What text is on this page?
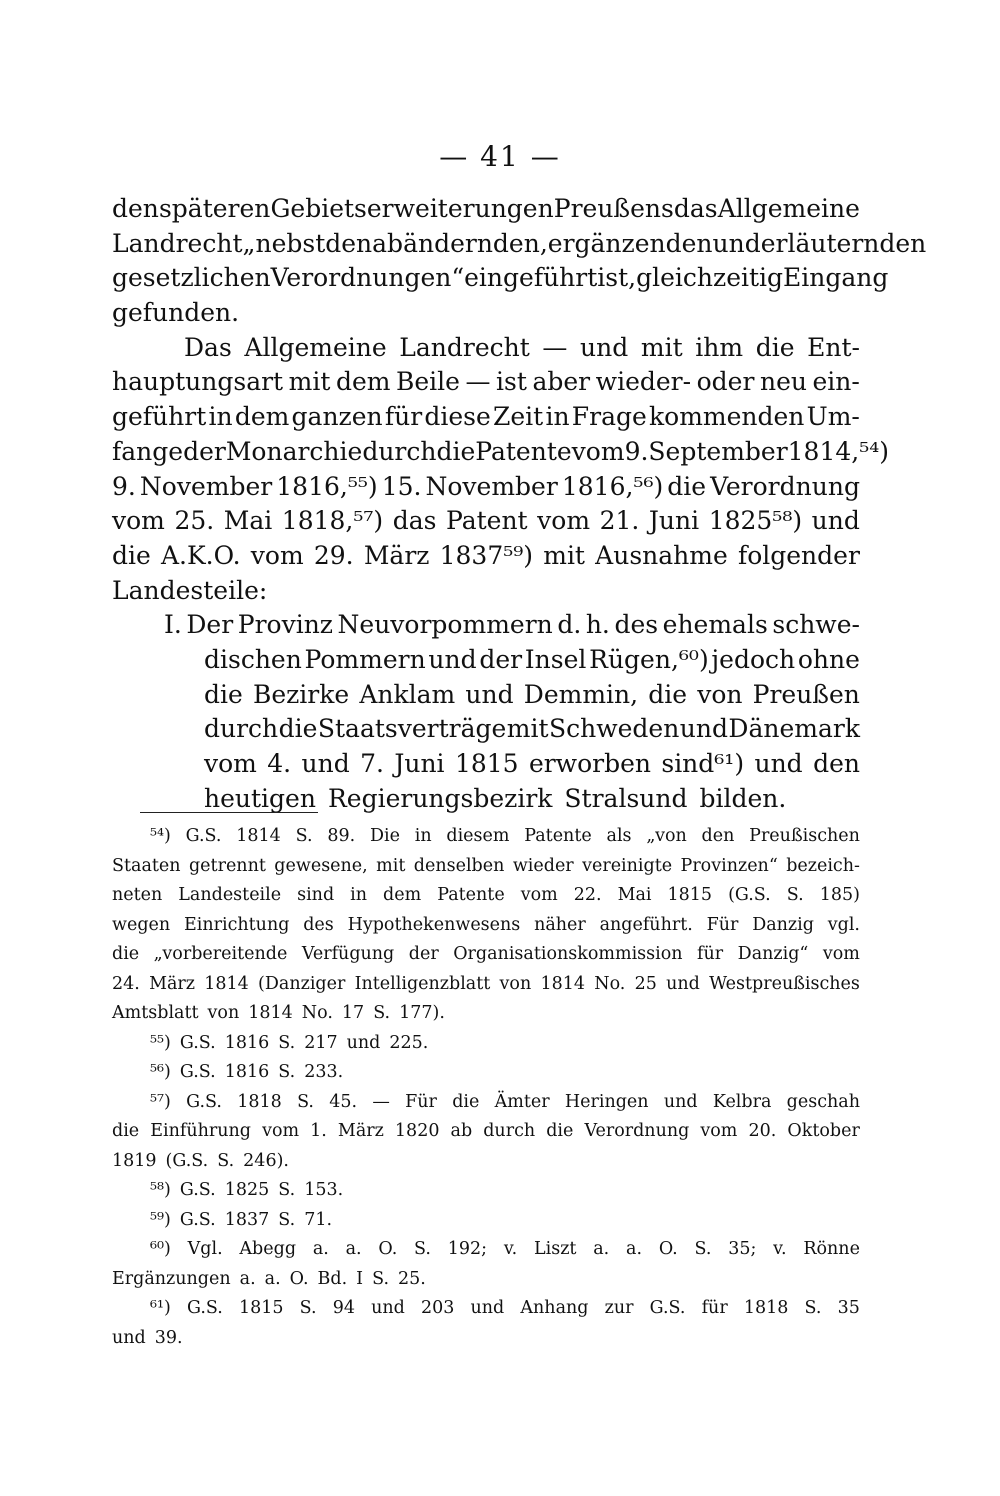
— 41 —
den späteren Gebietserweiterungen Preußens das Allgemeine
Landrecht „nebst den abändernden, ergänzenden und erläuternden
gesetzlichen Verordnungen“ eingeführt ist, gleichzeitig Eingang
gefunden.
Das Allgemeine Landrecht — und mit ihm die Ent-
hauptungsart mit dem Beile — ist aber wieder- oder neu ein-
geführt in dem ganzen für diese Zeit in Frage kommenden Um-
fange der Monarchie durch die Patente vom 9. September 1814,⁵⁴)
9. November 1816,⁵⁵) 15. November 1816,⁵⁶) die Verordnung
vom 25. Mai 1818,⁵⁷) das Patent vom 21. Juni 1825⁵⁸) und
die A.K.O. vom 29. März 1837⁵⁹) mit Ausnahme folgender
Landesteile:
I. Der Provinz Neuvorpommern d. h. des ehemals schwe-
dischen Pommern und der Insel Rügen,⁶⁰) jedoch ohne
die Bezirke Anklam und Demmin, die von Preußen
durch die Staatsverträge mit Schweden und Dänemark
vom 4. und 7. Juni 1815 erworben sind⁶¹) und den
heutigen Regierungsbezirk Stralsund bilden.
⁵⁴) G.S. 1814 S. 89. Die in diesem Patente als „von den Preußischen
Staaten getrennt gewesene, mit denselben wieder vereinigte Provinzen“ bezeich-
neten Landesteile sind in dem Patente vom 22. Mai 1815 (G.S. S. 185)
wegen Einrichtung des Hypothekenwesens näher angeführt. Für Danzig vgl.
die „vorbereitende Verfügung der Organisationskommission für Danzig“ vom
24. März 1814 (Danziger Intelligenzblatt von 1814 No. 25 und Westpreußisches
Amtsblatt von 1814 No. 17 S. 177).
⁵⁵) G.S. 1816 S. 217 und 225.
⁵⁶) G.S. 1816 S. 233.
⁵⁷) G.S. 1818 S. 45. — Für die Ämter Heringen und Kelbra geschah
die Einführung vom 1. März 1820 ab durch die Verordnung vom 20. Oktober
1819 (G.S. S. 246).
⁵⁸) G.S. 1825 S. 153.
⁵⁹) G.S. 1837 S. 71.
⁶⁰) Vgl. Abegg a. a. O. S. 192; v. Liszt a. a. O. S. 35; v. Rönne
Ergänzungen a. a. O. Bd. I S. 25.
⁶¹) G.S. 1815 S. 94 und 203 und Anhang zur G.S. für 1818 S. 35
und 39.
